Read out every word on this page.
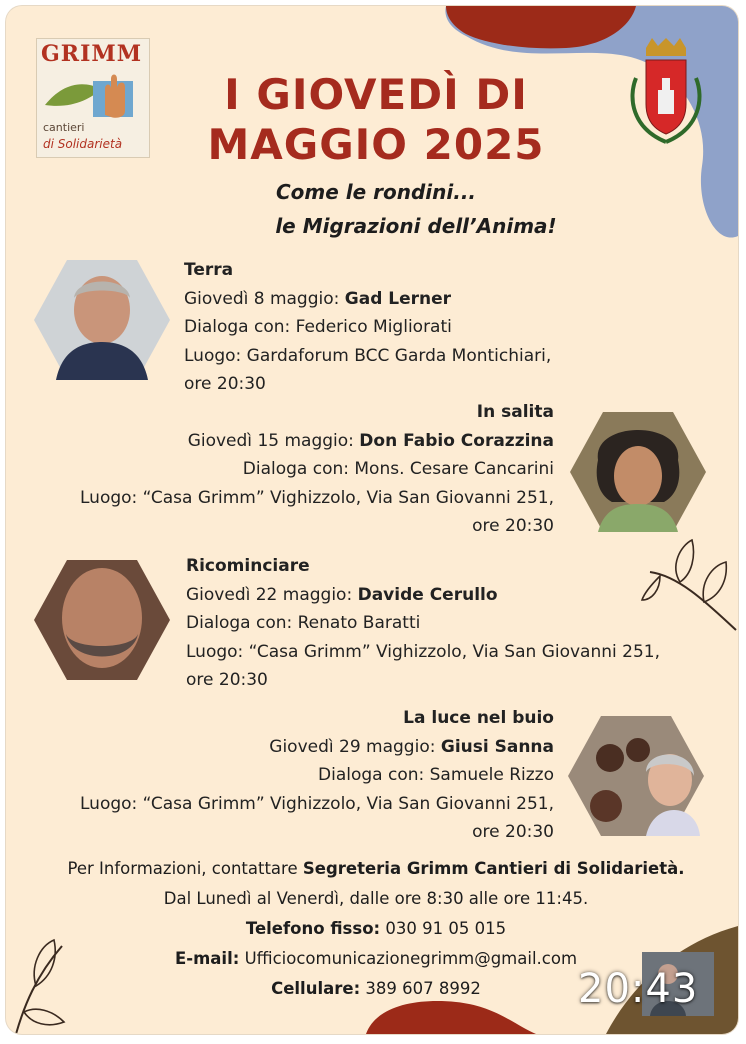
GRIMM
cantieri
di Solidarietà
I GIOVEDÌ DI
MAGGIO 2025
Come le rondini...
le Migrazioni dell’Anima!
Terra
Giovedì 8 maggio: Gad Lerner
Dialoga con: Federico Migliorati
Luogo: Gardaforum BCC Garda Montichiari,
ore 20:30
In salita
Giovedì 15 maggio: Don Fabio Corazzina
Dialoga con: Mons. Cesare Cancarini
Luogo: “Casa Grimm” Vighizzolo, Via San Giovanni 251,
ore 20:30
Ricominciare
Giovedì 22 maggio: Davide Cerullo
Dialoga con: Renato Baratti
Luogo: “Casa Grimm” Vighizzolo, Via San Giovanni 251,
ore 20:30
La luce nel buio
Giovedì 29 maggio: Giusi Sanna
Dialoga con: Samuele Rizzo
Luogo: “Casa Grimm” Vighizzolo, Via San Giovanni 251,
ore 20:30
Per Informazioni, contattare Segreteria Grimm Cantieri di Solidarietà.
Dal Lunedì al Venerdì, dalle ore 8:30 alle ore 11:45.
Telefono fisso: 030 91 05 015
E-mail: Ufficiocomunicazionegrimm@gmail.com
Cellulare: 389 607 8992	20:43
